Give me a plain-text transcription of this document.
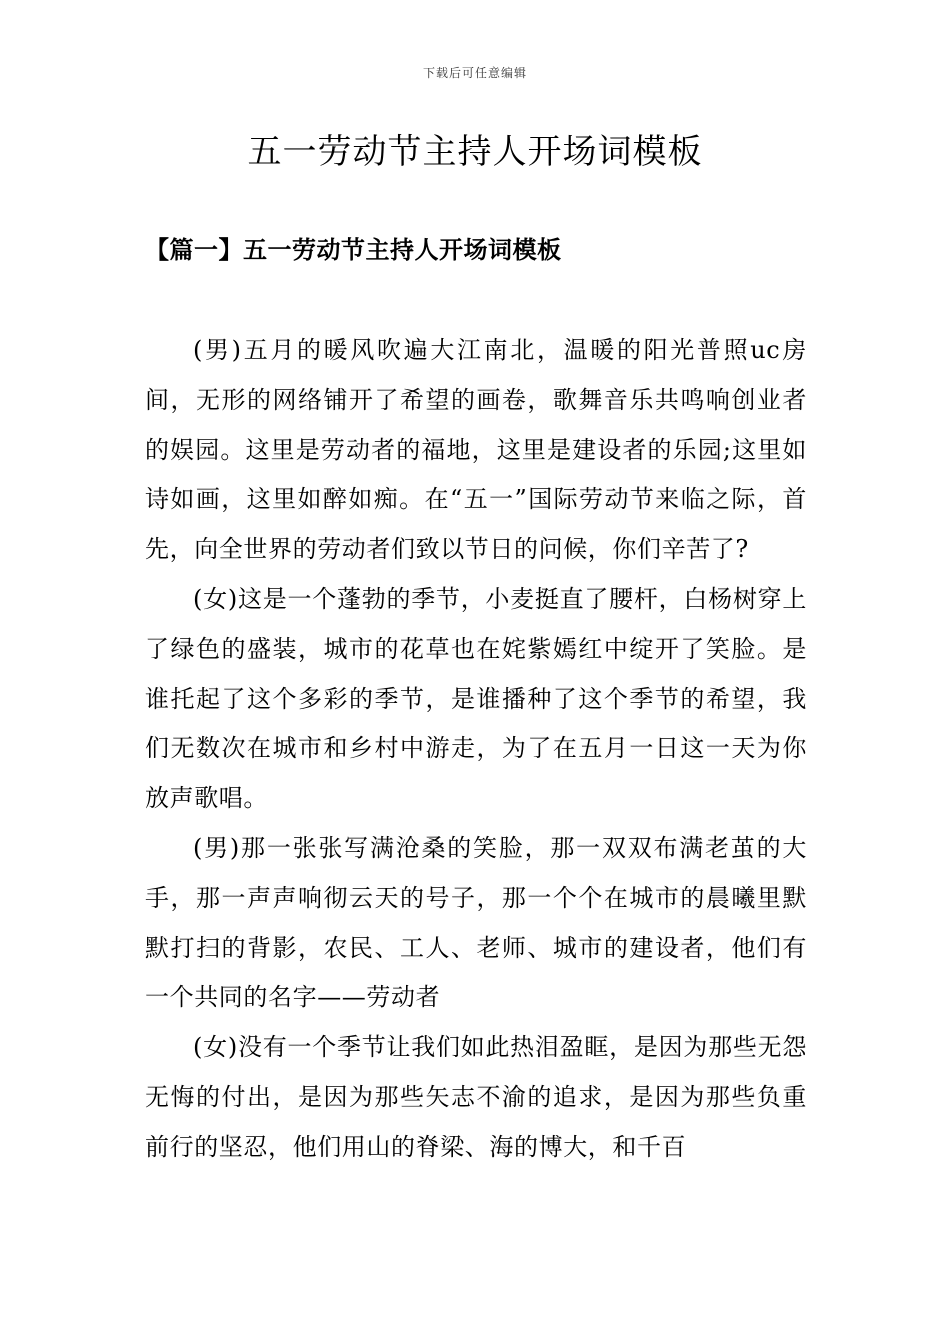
下载后可任意编辑
五一劳动节主持人开场词模板
【篇一】五一劳动节主持人开场词模板

(男)五月的暖风吹遍大江南北，温暖的阳光普照uc房间，无形的网络铺开了希望的画卷，歌舞音乐共鸣响创业者的娱园。这里是劳动者的福地，这里是建设者的乐园;这里如诗如画，这里如醉如痴。在“五一”国际劳动节来临之际，首先，向全世界的劳动者们致以节日的问候，你们辛苦了?

(女)这是一个蓬勃的季节，小麦挺直了腰杆，白杨树穿上了绿色的盛装，城市的花草也在姹紫嫣红中绽开了笑脸。是谁托起了这个多彩的季节，是谁播种了这个季节的希望，我们无数次在城市和乡村中游走，为了在五月一日这一天为你放声歌唱。

(男)那一张张写满沧桑的笑脸，那一双双布满老茧的大手，那一声声响彻云天的号子，那一个个在城市的晨曦里默默打扫的背影，农民、工人、老师、城市的建设者，他们有一个共同的名字——劳动者

(女)没有一个季节让我们如此热泪盈眶，是因为那些无怨无悔的付出，是因为那些矢志不渝的追求，是因为那些负重前行的坚忍，他们用山的脊梁、海的博大，和千百
